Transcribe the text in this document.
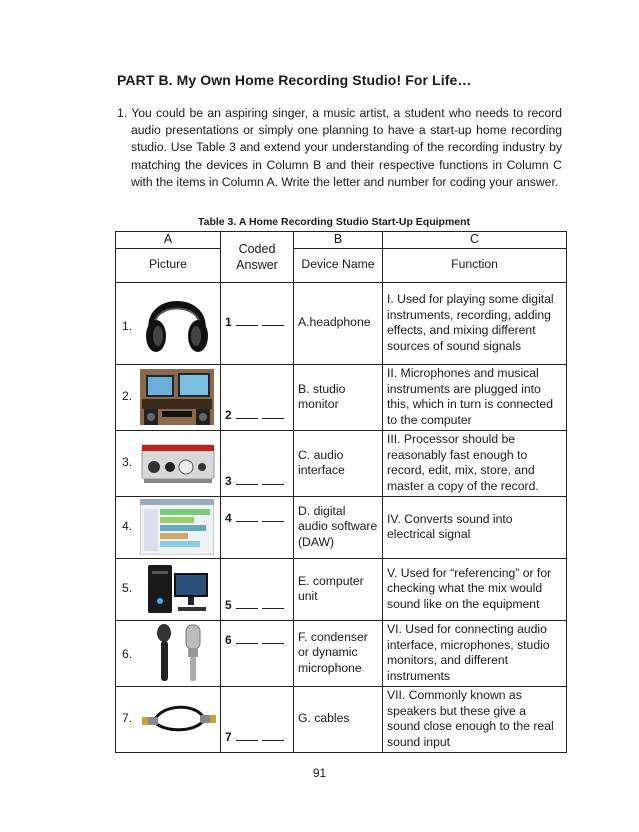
PART B. My Own Home Recording Studio! For Life…

1. You could be an aspiring singer, a music artist, a student who needs to record audio presentations or simply one planning to have a start-up home recording studio. Use Table 3 and extend your understanding of the recording industry by matching the devices in Column B and their respective functions in Column C with the items in Column A. Write the letter and number for coding your answer.

Table 3. A Home Recording Studio Start-Up Equipment
A	Coded Answer	B	C
Picture		Device Name	Function

1.	1	A.headphone	I. Used for playing some digital instruments, recording, adding effects, and mixing different sources of sound signals

2.	2	B. studio monitor	II. Microphones and musical instruments are plugged into this, which in turn is connected to the computer

3.	3	C. audio interface	III. Processor should be reasonably fast enough to record, edit, mix, store, and master a copy of the record.

4.	4	D. digital audio software (DAW)	IV. Converts sound into electrical signal

5.	5	E. computer unit	V. Used for “referencing” or for checking what the mix would sound like on the equipment

6.	6	F. condenser or dynamic microphone	VI. Used for connecting audio interface, microphones, studio monitors, and different instruments

7.	7	G. cables	VII. Commonly known as speakers but these give a sound close enough to the real sound input
91
